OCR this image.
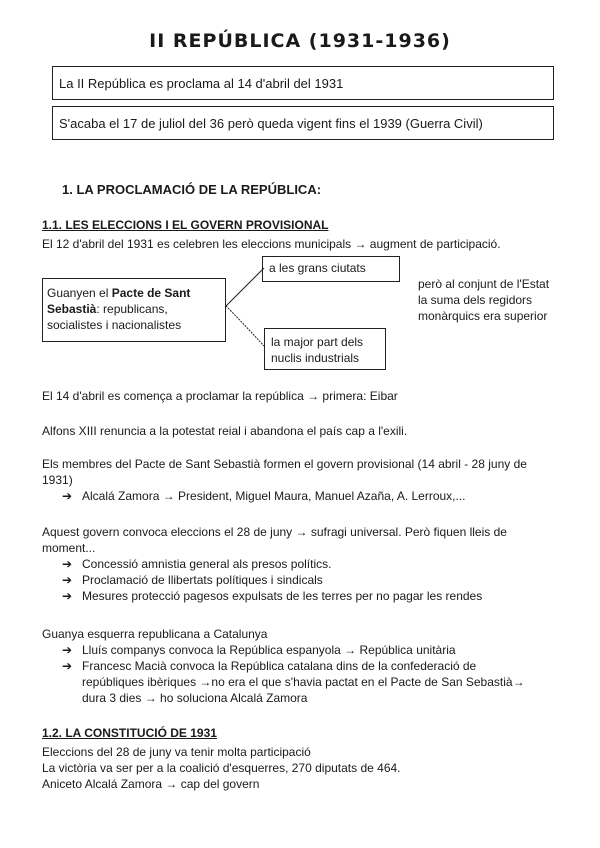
II REPÚBLICA (1931-1936)
La II República es proclama al 14 d'abril del 1931
S'acaba el 17 de juliol del 36 però queda vigent fins el 1939 (Guerra Civil)
1. LA PROCLAMACIÓ DE LA REPÚBLICA:
1.1. LES ELECCIONS I EL GOVERN PROVISIONAL
El 12 d'abril del 1931 es celebren les eleccions municipals → augment de participació.
Guanyen el Pacte de Sant Sebastià: republicans, socialistes i nacionalistes
a les grans ciutats
la major part dels nuclis industrials
però al conjunt de l'Estat la suma dels regidors monàrquics era superior
El 14 d'abril es comença a proclamar la república → primera: Eibar
Alfons XIII renuncia a la potestat reial i abandona el país cap a l'exili.
Els membres del Pacte de Sant Sebastià formen el govern provisional (14 abril - 28 juny de 1931)
➔ Alcalá Zamora → President, Miguel Maura, Manuel Azaña, A. Lerroux,...
Aquest govern convoca eleccions el 28 de juny → sufragi universal. Però fiquen lleis de moment...
➔ Concessió amnistia general als presos polítics.
➔ Proclamació de llibertats polítiques i sindicals
➔ Mesures protecció pagesos expulsats de les terres per no pagar les rendes
Guanya esquerra republicana a Catalunya
➔ Lluís companys convoca la República espanyola → República unitària
➔ Francesc Macià convoca la República catalana dins de la confederació de repúbliques ibèriques →no era el que s'havia pactat en el Pacte de San Sebastià→ dura 3 dies → ho soluciona Alcalá Zamora
1.2. LA CONSTITUCIÓ DE 1931
Eleccions del 28 de juny va tenir molta participació
La victòria va ser per a la coalició d'esquerres, 270 diputats de 464.
Aniceto Alcalá Zamora → cap del govern
